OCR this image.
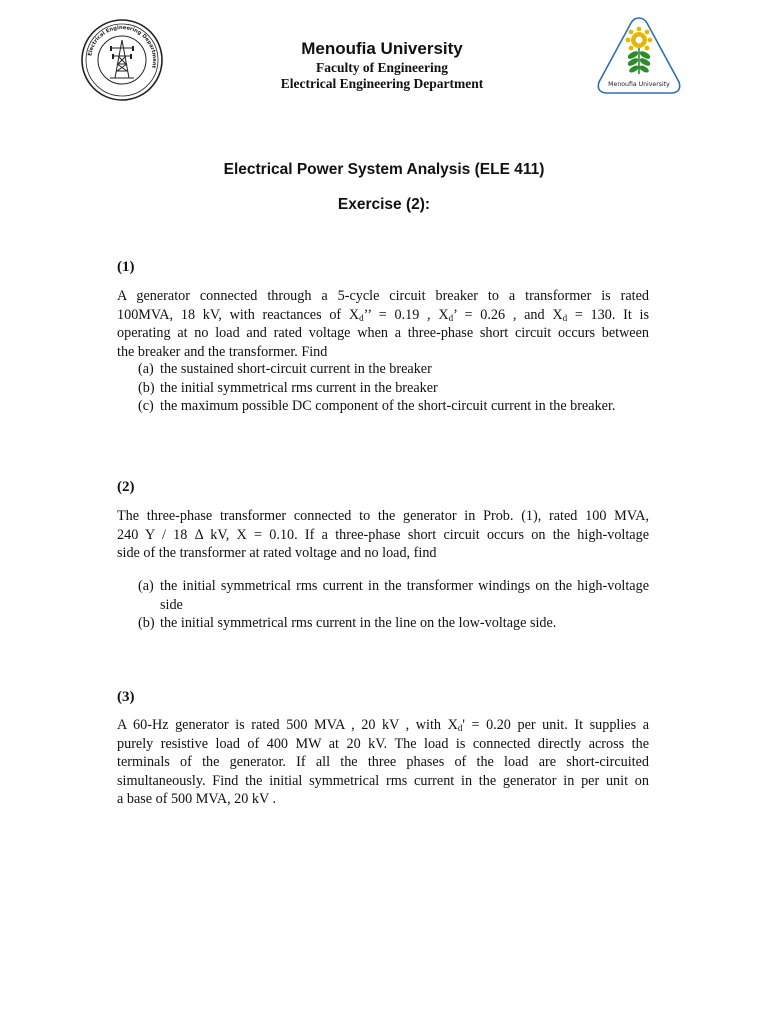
Electrical Engineering Department
Menoufia University
Faculty of Engineering
Electrical Engineering Department	Menoufia University
Electrical Power System Analysis (ELE 411)
Exercise (2):
(1)
A generator connected through a 5-cycle circuit breaker to a transformer is rated
100MVA, 18 kV, with reactances of $X_d$’’ = 0.19 , $X_d$’ = 0.26 , and $X_d = 130$. It is
operating at no load and rated voltage when a three-phase short circuit occurs between
the breaker and the transformer. Find
(a) the sustained short-circuit current in the breaker
(b) the initial symmetrical rms current in the breaker
(c) the maximum possible DC component of the short-circuit current in the breaker.
(2)
The three-phase transformer connected to the generator in Prob. (1), rated 100 MVA,
240 Y / 18 Δ kV, X = 0.10. If a three-phase short circuit occurs on the high-voltage
side of the transformer at rated voltage and no load, find
(a) the initial symmetrical rms current in the transformer windings on the high-voltage side
(b) the initial symmetrical rms current in the line on the low-voltage side.
(3)
A 60-Hz generator is rated 500 MVA , 20 kV , with $X_d' = 0.20$ per unit. It supplies a
purely resistive load of 400 MW at 20 kV. The load is connected directly across the
terminals of the generator. If all the three phases of the load are short-circuited
simultaneously. Find the initial symmetrical rms current in the generator in per unit on
a base of 500 MVA, 20 kV .
